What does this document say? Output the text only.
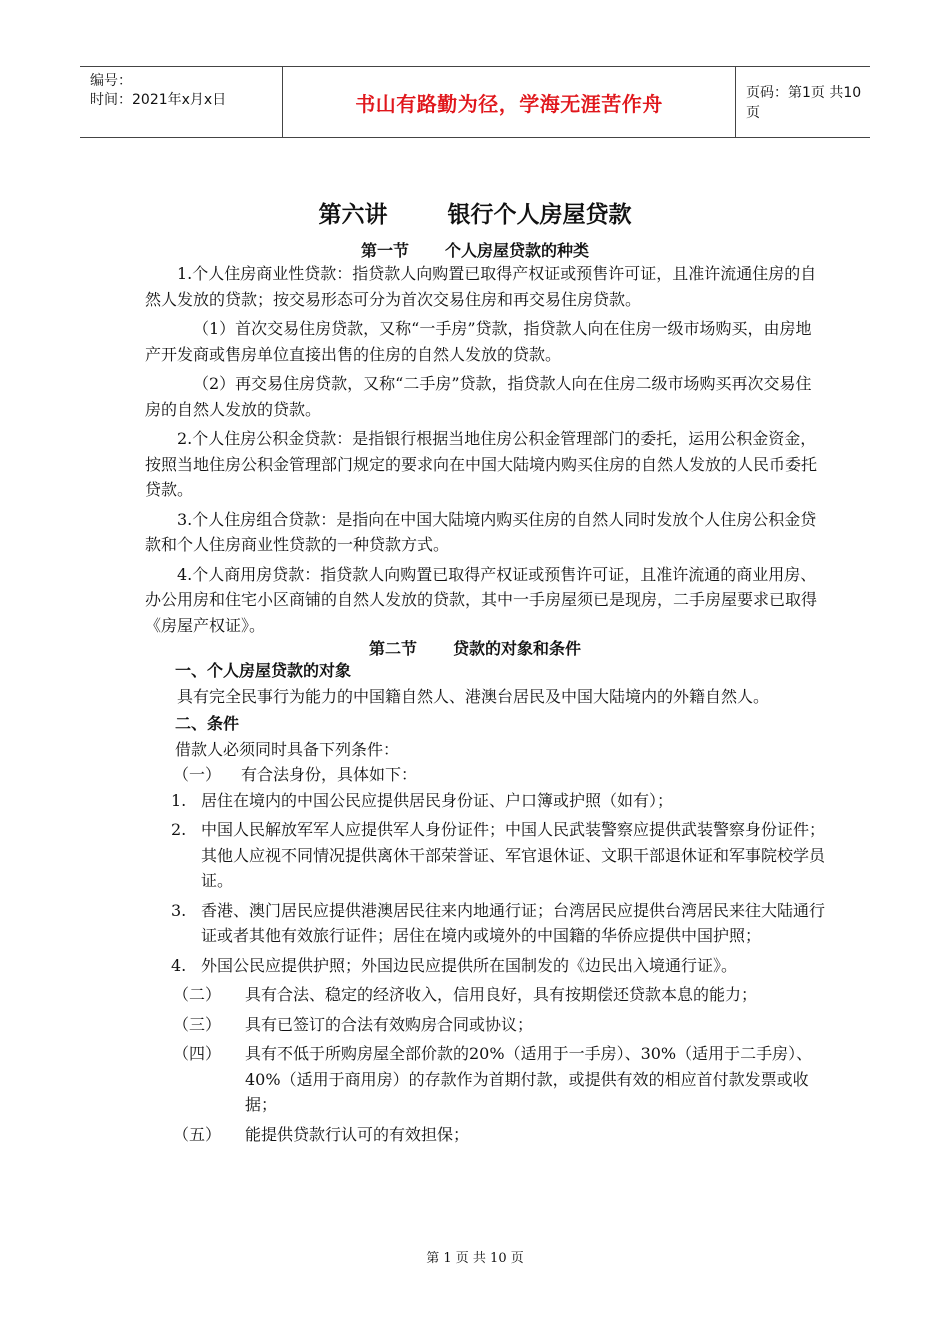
编号：
时间：2021年x月x日	书山有路勤为径，学海无涯苦作舟	页码：第1页 共10页
第六讲	银行个人房屋贷款
第一节 个人房屋贷款的种类

1.个人住房商业性贷款：指贷款人向购置已取得产权证或预售许可证，且准许流通住房的自然人发放的贷款；按交易形态可分为首次交易住房和再交易住房贷款。

（1）首次交易住房贷款，又称“一手房”贷款，指贷款人向在住房一级市场购买，由房地产开发商或售房单位直接出售的住房的自然人发放的贷款。

（2）再交易住房贷款，又称“二手房”贷款，指贷款人向在住房二级市场购买再次交易住房的自然人发放的贷款。

2.个人住房公积金贷款：是指银行根据当地住房公积金管理部门的委托，运用公积金资金，按照当地住房公积金管理部门规定的要求向在中国大陆境内购买住房的自然人发放的人民币委托贷款。

3.个人住房组合贷款：是指向在中国大陆境内购买住房的自然人同时发放个人住房公积金贷款和个人住房商业性贷款的一种贷款方式。

4.个人商用房贷款：指贷款人向购置已取得产权证或预售许可证，且准许流通的商业用房、办公用房和住宅小区商铺的自然人发放的贷款，其中一手房屋须已是现房，二手房屋要求已取得《房屋产权证》。

第二节 贷款的对象和条件
一、个人房屋贷款的对象

具有完全民事行为能力的中国籍自然人、港澳台居民及中国大陆境内的外籍自然人。

二、条件

借款人必须同时具备下列条件：

（一）	有合法身份，具体如下：
1. 居住在境内的中国公民应提供居民身份证、户口簿或护照（如有）；
2. 中国人民解放军军人应提供军人身份证件；中国人民武装警察应提供武装警察身份证件；其他人应视不同情况提供离休干部荣誉证、军官退休证、文职干部退休证和军事院校学员证。
3. 香港、澳门居民应提供港澳居民往来内地通行证；台湾居民应提供台湾居民来往大陆通行证或者其他有效旅行证件；居住在境内或境外的中国籍的华侨应提供中国护照；
4. 外国公民应提供护照；外国边民应提供所在国制发的《边民出入境通行证》。
（二）	具有合法、稳定的经济收入，信用良好，具有按期偿还贷款本息的能力；
（三）	具有已签订的合法有效购房合同或协议；
（四）	具有不低于所购房屋全部价款的20%（适用于一手房）、30%（适用于二手房）、40%（适用于商用房）的存款作为首期付款，或提供有效的相应首付款发票或收据；
（五）	能提供贷款行认可的有效担保；
第 1 页 共 10 页
